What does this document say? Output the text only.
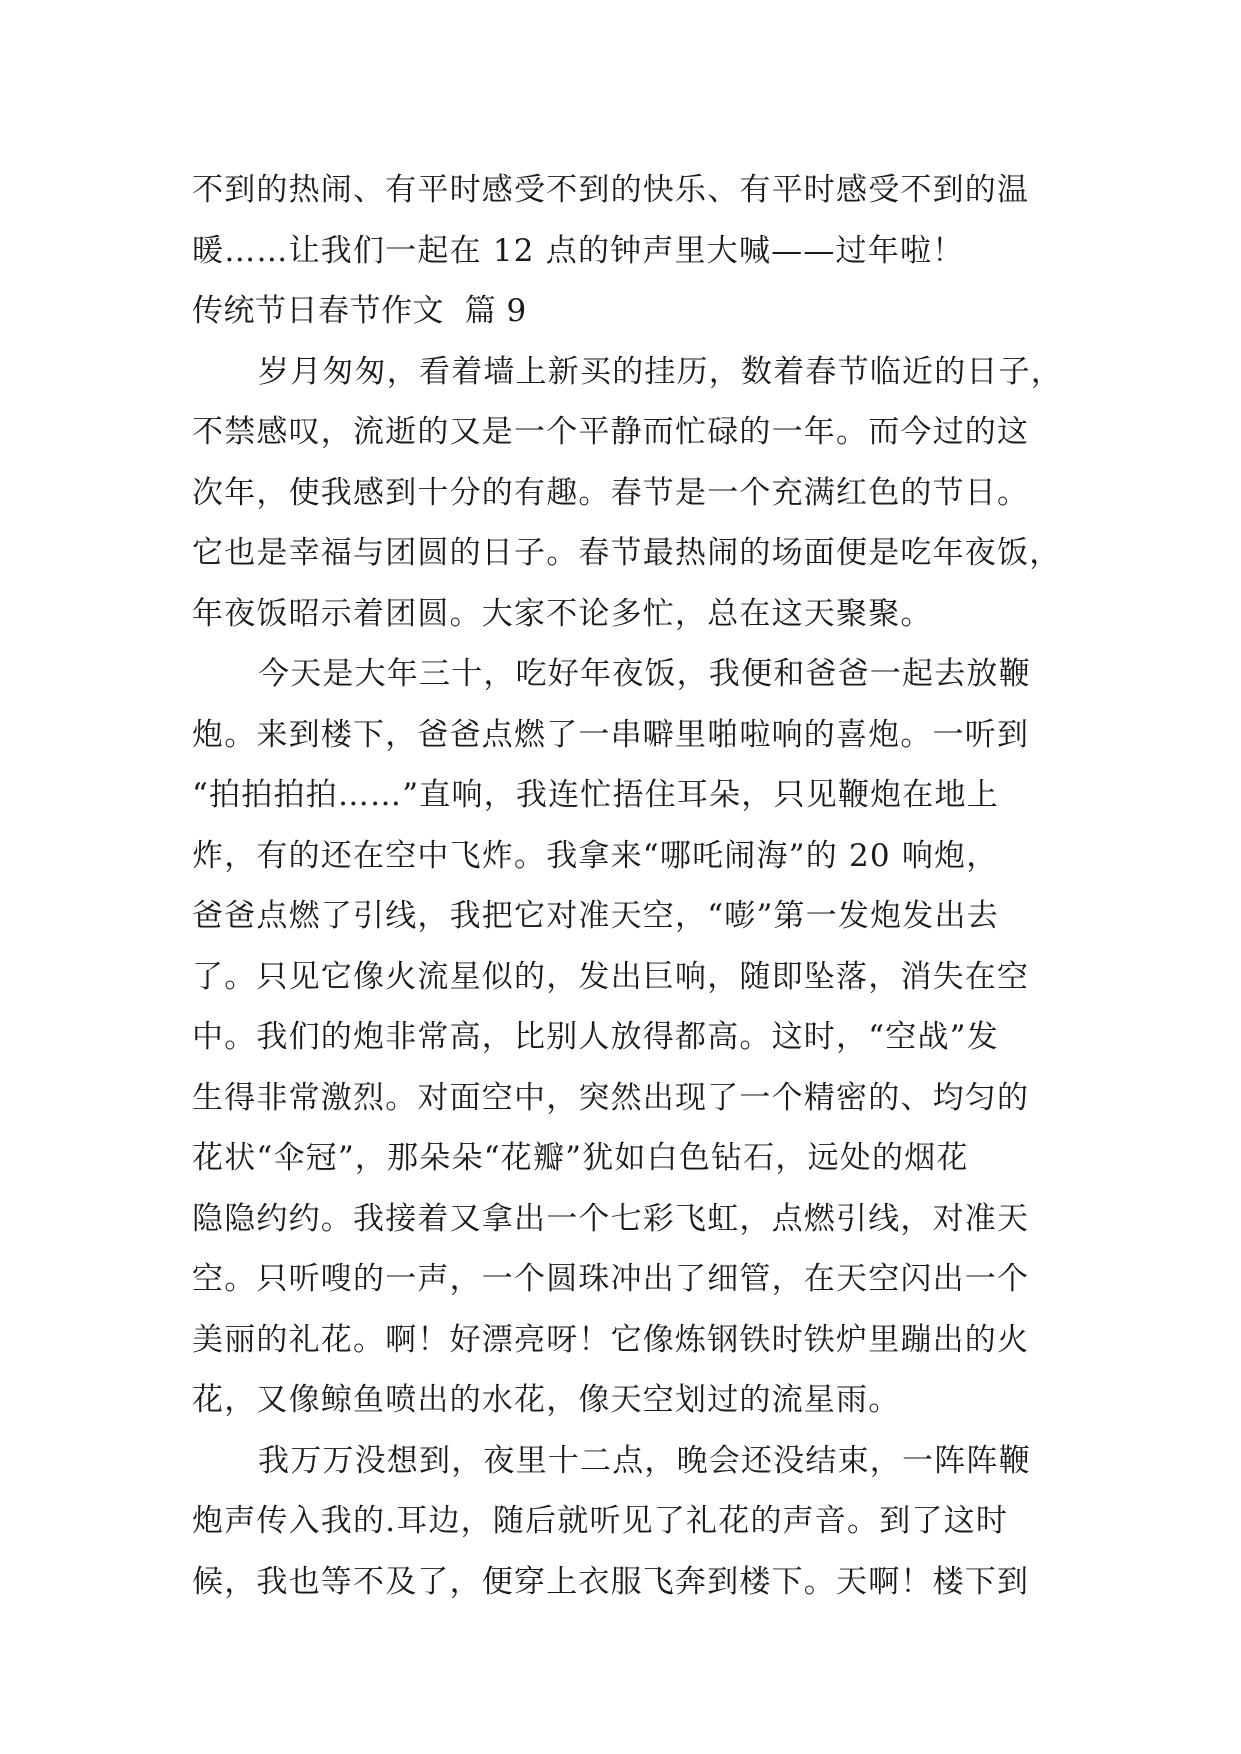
不到的热闹、有平时感受不到的快乐、有平时感受不到的温
暖……让我们一起在 12 点的钟声里大喊——过年啦！
传统节日春节作文  篇 9
岁月匆匆，看着墙上新买的挂历，数着春节临近的日子，
不禁感叹，流逝的又是一个平静而忙碌的一年。而今过的这
次年，使我感到十分的有趣。春节是一个充满红色的节日。
它也是幸福与团圆的日子。春节最热闹的场面便是吃年夜饭，
年夜饭昭示着团圆。大家不论多忙，总在这天聚聚。
今天是大年三十，吃好年夜饭，我便和爸爸一起去放鞭
炮。来到楼下，爸爸点燃了一串噼里啪啦响的喜炮。一听到
“拍拍拍拍……”直响，我连忙捂住耳朵，只见鞭炮在地上
炸，有的还在空中飞炸。我拿来“哪吒闹海”的 20 响炮，
爸爸点燃了引线，我把它对准天空，“嘭”第一发炮发出去
了。只见它像火流星似的，发出巨响，随即坠落，消失在空
中。我们的炮非常高，比别人放得都高。这时，“空战”发
生得非常激烈。对面空中，突然出现了一个精密的、均匀的
花状“伞冠”，那朵朵“花瓣”犹如白色钻石，远处的烟花
隐隐约约。我接着又拿出一个七彩飞虹，点燃引线，对准天
空。只听嗖的一声，一个圆珠冲出了细管，在天空闪出一个
美丽的礼花。啊！好漂亮呀！它像炼钢铁时铁炉里蹦出的火
花，又像鲸鱼喷出的水花，像天空划过的流星雨。
我万万没想到，夜里十二点，晚会还没结束，一阵阵鞭
炮声传入我的.耳边，随后就听见了礼花的声音。到了这时
候，我也等不及了，便穿上衣服飞奔到楼下。天啊！楼下到
